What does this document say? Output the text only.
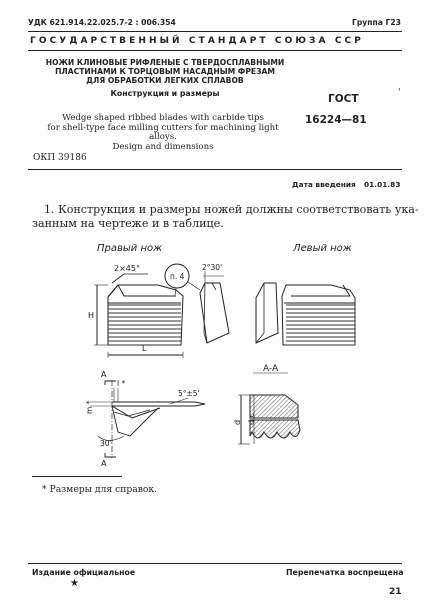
УДК 621.914.22.025.7-2 : 006.354	Группа Г23
ГОСУДАРСТВЕННЫЙ СТАНДАРТ СОЮЗА ССР
НОЖИ КЛИНОВЫЕ РИФЛЕНЫЕ С ТВЕРДОСПЛАВНЫМИ
ПЛАСТИНАМИ К ТОРЦОВЫМ НАСАДНЫМ ФРЕЗАМ
ДЛЯ ОБРАБОТКИ ЛЕГКИХ СПЛАВОВ
Конструкция и размеры
Wedge shaped ribbed blades with carbide tips
for shell-type face milling cutters for machining light
alloys.
Design and dimensions
ОКП 39186
ГОСТ
16224—81
'
Дата введения 01.01.83
1. Конструкция и размеры ножей должны соответствовать ука-
занным на чертеже и в таблице.
Правый нож	Левый нож
2×45°
H
L
п. 4
2°30'
A
A
l *
m *
30°
5°±5'
A-A
d d c
* Размеры для справок.
Издание официальное	Перепечатка воспрещена
★
21
